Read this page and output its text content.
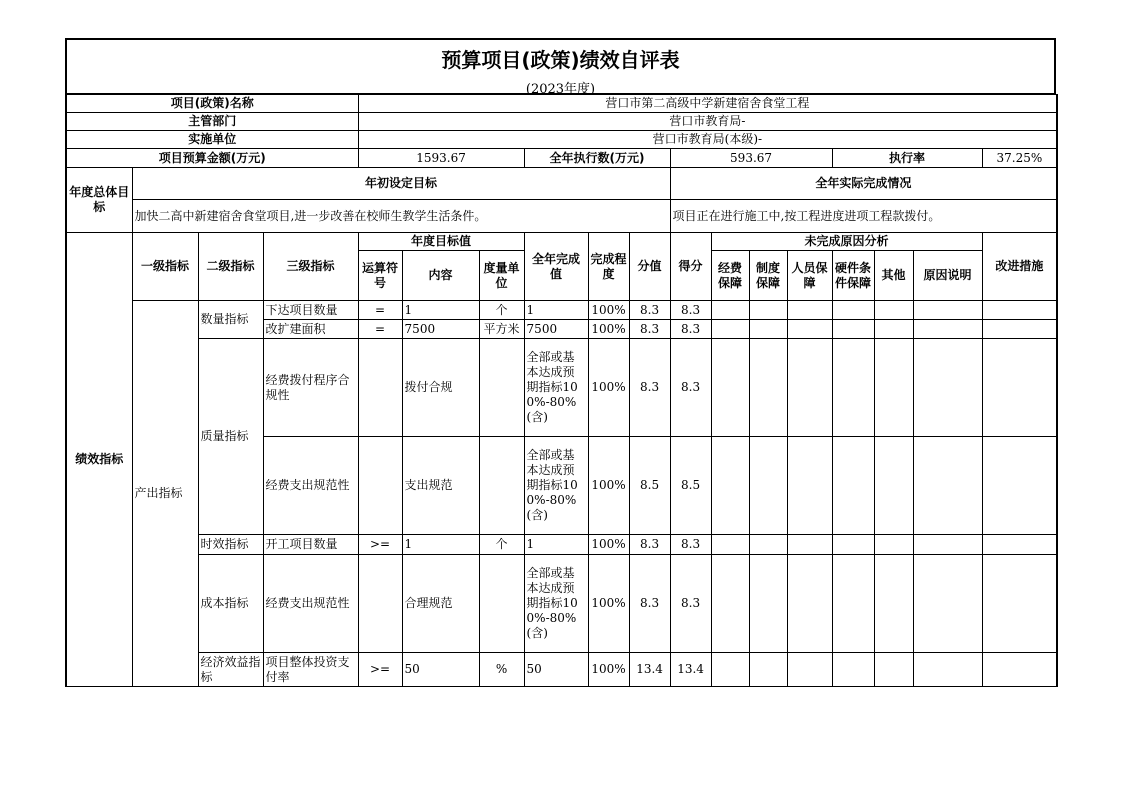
预算项目(政策)绩效自评表
(2023年度)
项目(政策)名称				营口市第二高级中学新建宿舍食堂工程													
主管部门				营口市教育局-													
实施单位				营口市教育局(本级)-													
项目预算金额(万元)				1593.67			全年执行数(万元)			593.67				执行率			37.25%
年度总体目标	年初设定目标									全年实际完成情况							
	加快二高中新建宿舍食堂项目,进一步改善在校师生教学生活条件。									项目正在进行施工中,按工程进度进项工程款拨付。							
绩效指标	一级指标	二级指标	三级指标	年度目标值			全年完成值	完成程度	分值	得分	未完成原因分析						改进措施
				运算符号	内容	度量单位					经费保障	制度保障	人员保障	硬件条件保障	其他	原因说明	
	产出指标	数量指标	下达项目数量	=	1	个	1	100%	8.3	8.3							
			改扩建面积	=	7500	平方米	7500	100%	8.3	8.3							
		质量指标	经费拨付程序合规性		拨付合规		全部或基本达成预期指标100%-80%(含)	100%	8.3	8.3							
			经费支出规范性		支出规范		全部或基本达成预期指标100%-80%(含)	100%	8.5	8.5							
		时效指标	开工项目数量	>=	1	个	1	100%	8.3	8.3							
		成本指标	经费支出规范性		合理规范		全部或基本达成预期指标100%-80%(含)	100%	8.3	8.3							
		经济效益指标	项目整体投资支付率	>=	50	%	50	100%	13.4	13.4							
